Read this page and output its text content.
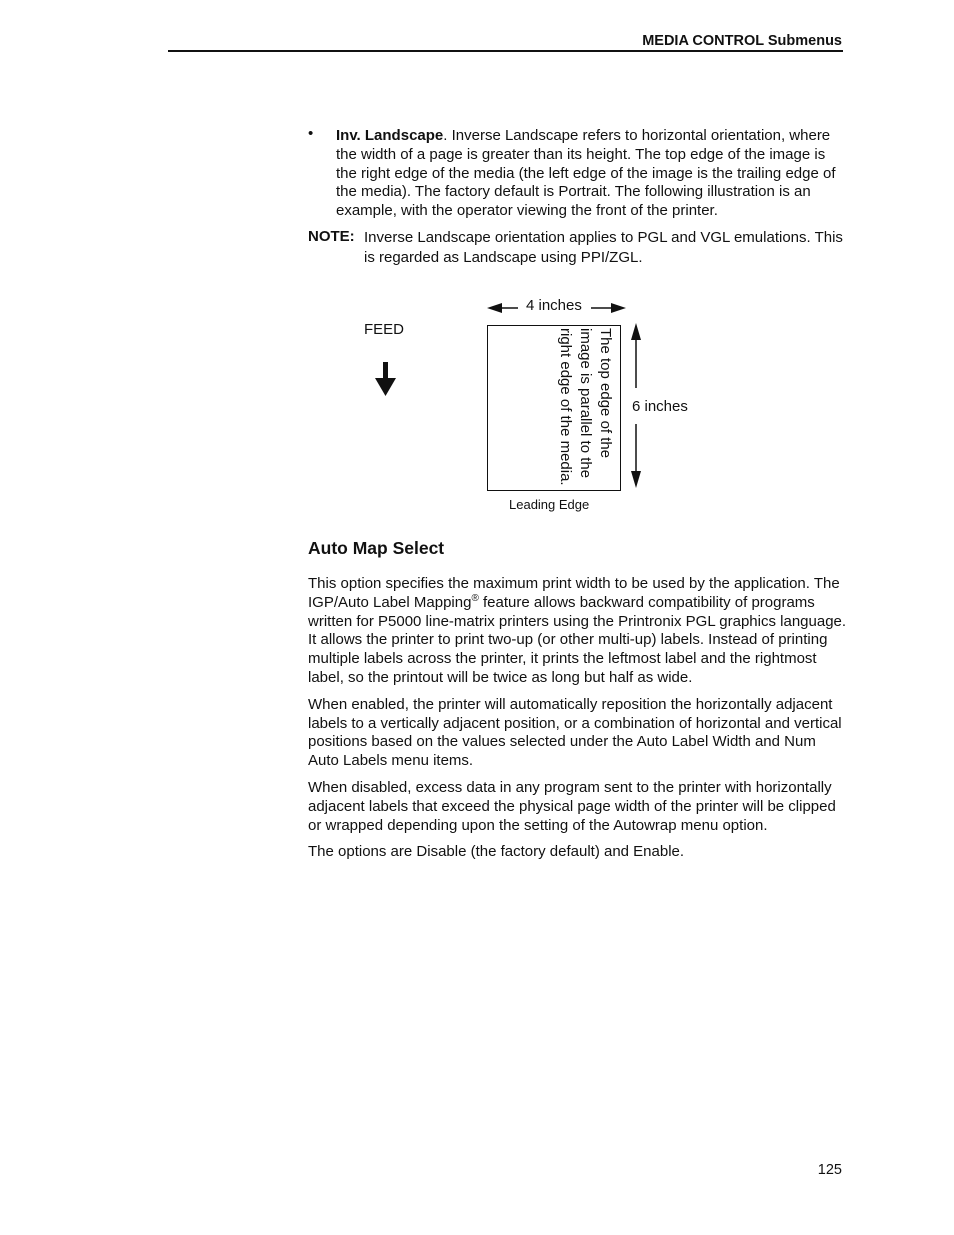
MEDIA CONTROL Submenus
• Inv. Landscape. Inverse Landscape refers to horizontal orientation, where the width of a page is greater than its height. The top edge of the image is the right edge of the media (the left edge of the image is the trailing edge of the media). The factory default is Portrait. The following illustration is an example, with the operator viewing the front of the printer.
NOTE: Inverse Landscape orientation applies to PGL and VGL emulations. This is regarded as Landscape using PPI/ZGL.
4 inches
6 inches
FEED	The top edge of the image is parallel to the right edge of the media.
Leading Edge
Auto Map Select

This option specifies the maximum print width to be used by the application. The IGP/Auto Label Mapping® feature allows backward compatibility of programs written for P5000 line-matrix printers using the Printronix PGL graphics language. It allows the printer to print two-up (or other multi-up) labels. Instead of printing multiple labels across the printer, it prints the leftmost label and the rightmost label, so the printout will be twice as long but half as wide.

When enabled, the printer will automatically reposition the horizontally adjacent labels to a vertically adjacent position, or a combination of horizontal and vertical positions based on the values selected under the Auto Label Width and Num Auto Labels menu items.

When disabled, excess data in any program sent to the printer with horizontally adjacent labels that exceed the physical page width of the printer will be clipped or wrapped depending upon the setting of the Autowrap menu option.

The options are Disable (the factory default) and Enable.

125
